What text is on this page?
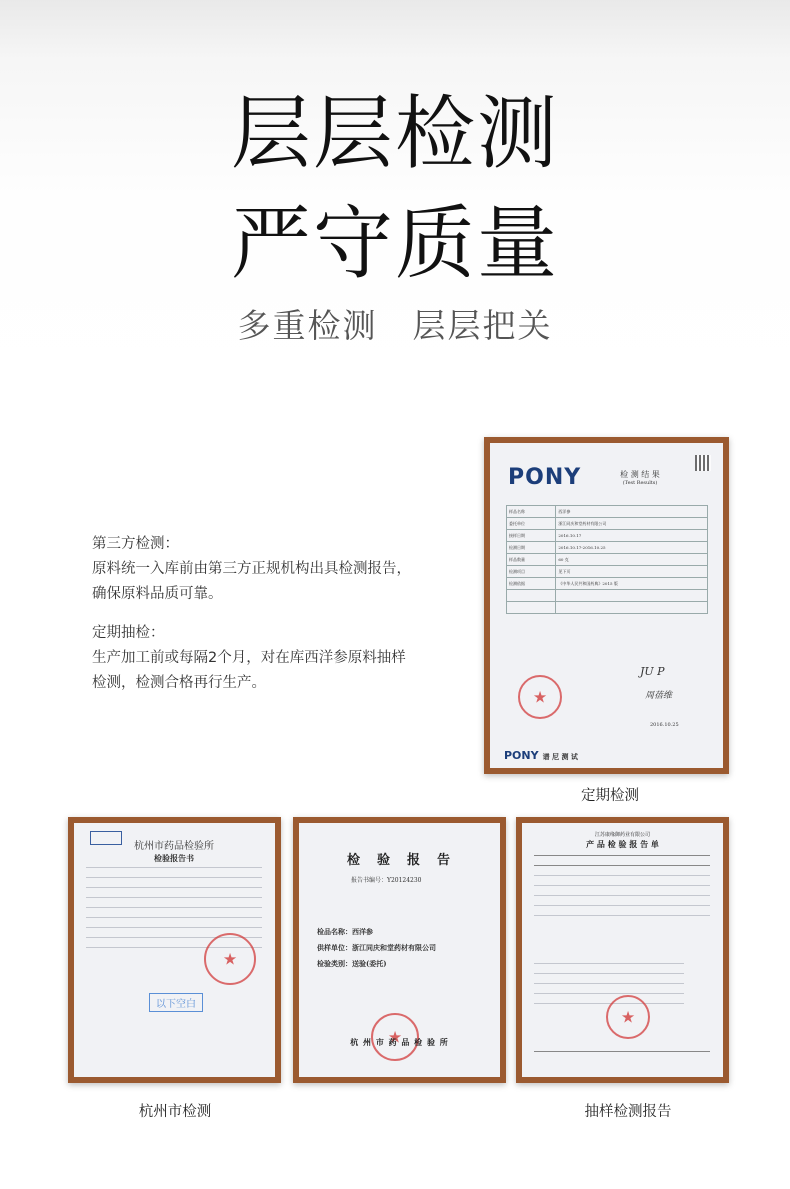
层层检测
严守质量
多重检测　层层把关

第三方检测：

原料统一入库前由第三方正规机构出具检测报告，确保原料品质可靠。

定期抽检：

生产加工前或每隔2个月，对在库西洋参原料抽样检测，检测合格再行生产。

PONY	检 测 结 果
(Test Results)
样品名称	西洋参
委托单位	浙江同庆和堂药材有限公司
接样日期	2016.10.17
检测日期	2016.10.17-2016.10.25
样品数量	60 克
检测项目	见下页
检测依据	《中华人民共和国药典》2015 版

JU P
周蓓维
2016.10.25
★
PONY 谱 尼 测 试
定期检测
杭州市药品检验所
检验报告书
★
以下空白
杭州市检测
检　验　报　告
报告书编号：Y20124230
检品名称：西洋参
供样单位：浙江同庆和堂药材有限公司
检验类别：送验(委托)
★
杭 州 市 药 品 检 验 所
江苏康缘御药业有限公司
产 品 检 验 报 告 单
★
抽样检测报告
